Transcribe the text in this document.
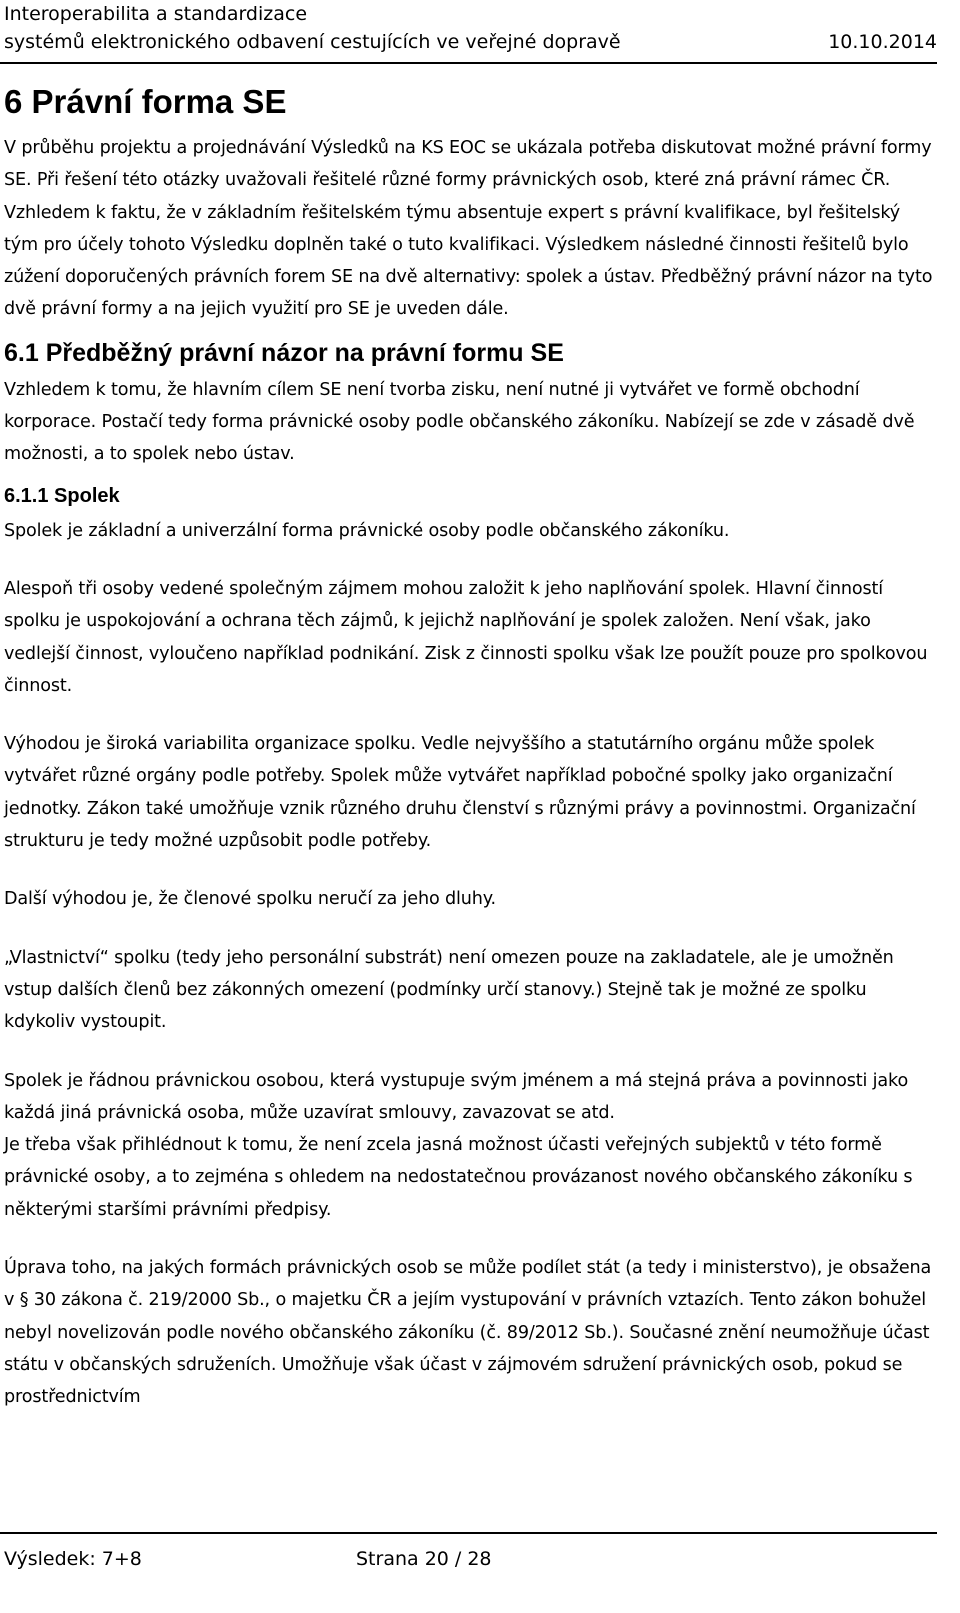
Interoperabilita a standardizace
systémů elektronického odbavení cestujících ve veřejné dopravě	10.10.2014
6 Právní forma SE

V průběhu projektu a projednávání Výsledků na KS EOC se ukázala potřeba diskutovat možné právní formy SE. Při řešení této otázky uvažovali řešitelé různé formy právnických osob, které zná právní rámec ČR. Vzhledem k faktu, že v základním řešitelském týmu absentuje expert s právní kvalifikace, byl řešitelský tým pro účely tohoto Výsledku doplněn také o tuto kvalifikaci. Výsledkem následné činnosti řešitelů bylo zúžení doporučených právních forem SE na dvě alternativy: spolek a ústav. Předběžný právní názor na tyto dvě právní formy a na jejich využití pro SE je uveden dále.

6.1 Předběžný právní názor na právní formu SE

Vzhledem k tomu, že hlavním cílem SE není tvorba zisku, není nutné ji vytvářet ve formě obchodní korporace. Postačí tedy forma právnické osoby podle občanského zákoníku. Nabízejí se zde v zásadě dvě možnosti, a to spolek nebo ústav.

6.1.1 Spolek

Spolek je základní a univerzální forma právnické osoby podle občanského zákoníku.

Alespoň tři osoby vedené společným zájmem mohou založit k jeho naplňování spolek. Hlavní činností spolku je uspokojování a ochrana těch zájmů, k jejichž naplňování je spolek založen. Není však, jako vedlejší činnost, vyloučeno například podnikání. Zisk z činnosti spolku však lze použít pouze pro spolkovou činnost.

Výhodou je široká variabilita organizace spolku. Vedle nejvyššího a statutárního orgánu může spolek vytvářet různé orgány podle potřeby. Spolek může vytvářet například pobočné spolky jako organizační jednotky. Zákon také umožňuje vznik různého druhu členství s různými právy a povinnostmi. Organizační strukturu je tedy možné uzpůsobit podle potřeby.

Další výhodou je, že členové spolku neručí za jeho dluhy.

„Vlastnictví“ spolku (tedy jeho personální substrát) není omezen pouze na zakladatele, ale je umožněn vstup dalších členů bez zákonných omezení (podmínky určí stanovy.) Stejně tak je možné ze spolku kdykoliv vystoupit.

Spolek je řádnou právnickou osobou, která vystupuje svým jménem a má stejná práva a povinnosti jako každá jiná právnická osoba, může uzavírat smlouvy, zavazovat se atd.

Je třeba však přihlédnout k tomu, že není zcela jasná možnost účasti veřejných subjektů v této formě právnické osoby, a to zejména s ohledem na nedostatečnou provázanost nového občanského zákoníku s některými staršími právními předpisy.

Úprava toho, na jakých formách právnických osob se může podílet stát (a tedy i ministerstvo), je obsažena v § 30 zákona č. 219/2000 Sb., o majetku ČR a jejím vystupování v právních vztazích. Tento zákon bohužel nebyl novelizován podle nového občanského zákoníku (č. 89/2012 Sb.). Současné znění neumožňuje účast státu v občanských sdruženích. Umožňuje však účast v zájmovém sdružení právnických osob, pokud se prostřednictvím

Výsledek: 7+8	Strana 20 / 28
